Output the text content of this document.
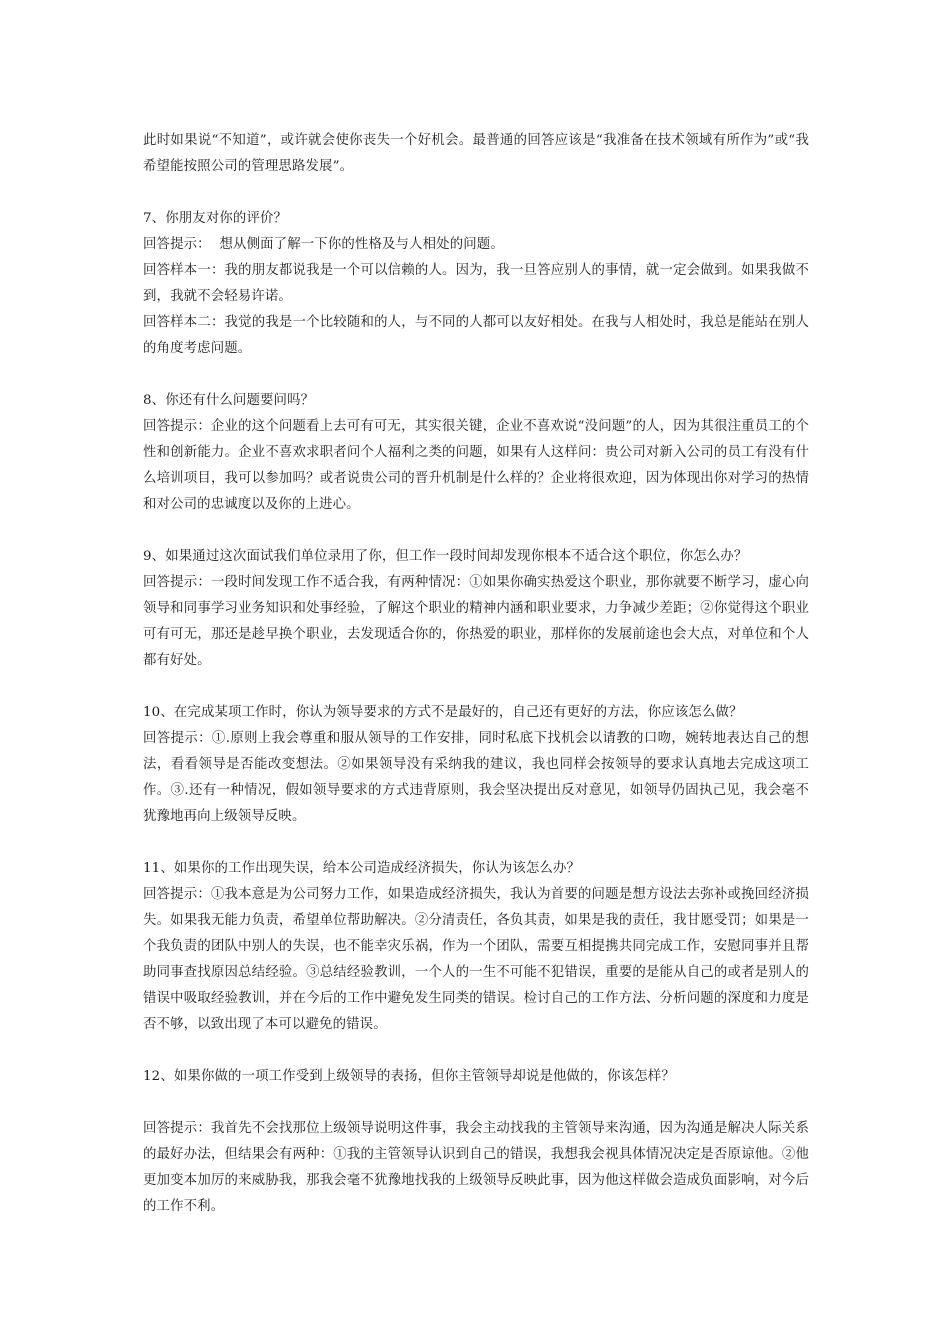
此时如果说“不知道”，或许就会使你丧失一个好机会。最普通的回答应该是“我准备在技术领域有所作为”或“我希望能按照公司的管理思路发展”。

7、你朋友对你的评价？

回答提示：  想从侧面了解一下你的性格及与人相处的问题。

回答样本一：我的朋友都说我是一个可以信赖的人。因为，我一旦答应别人的事情，就一定会做到。如果我做不到，我就不会轻易许诺。

回答样本二：我觉的我是一个比较随和的人，与不同的人都可以友好相处。在我与人相处时，我总是能站在别人的角度考虑问题。

8、你还有什么问题要问吗？

回答提示：企业的这个问题看上去可有可无，其实很关键，企业不喜欢说“没问题”的人，因为其很注重员工的个性和创新能力。企业不喜欢求职者问个人福利之类的问题，如果有人这样问：贵公司对新入公司的员工有没有什么培训项目，我可以参加吗？或者说贵公司的晋升机制是什么样的？企业将很欢迎，因为体现出你对学习的热情和对公司的忠诚度以及你的上进心。

9、如果通过这次面试我们单位录用了你，但工作一段时间却发现你根本不适合这个职位，你怎么办？

回答提示：一段时间发现工作不适合我，有两种情况：①如果你确实热爱这个职业，那你就要不断学习，虚心向领导和同事学习业务知识和处事经验，了解这个职业的精神内涵和职业要求，力争减少差距；②你觉得这个职业可有可无，那还是趁早换个职业，去发现适合你的，你热爱的职业，那样你的发展前途也会大点，对单位和个人都有好处。

10、在完成某项工作时，你认为领导要求的方式不是最好的，自己还有更好的方法，你应该怎么做？

回答提示：①.原则上我会尊重和服从领导的工作安排，同时私底下找机会以请教的口吻，婉转地表达自己的想法，看看领导是否能改变想法。②如果领导没有采纳我的建议，我也同样会按领导的要求认真地去完成这项工作。③.还有一种情况，假如领导要求的方式违背原则，我会坚决提出反对意见，如领导仍固执己见，我会毫不犹豫地再向上级领导反映。

11、如果你的工作出现失误，给本公司造成经济损失，你认为该怎么办？

回答提示：①我本意是为公司努力工作，如果造成经济损失，我认为首要的问题是想方设法去弥补或挽回经济损失。如果我无能力负责，希望单位帮助解决。②分清责任，各负其责，如果是我的责任，我甘愿受罚；如果是一个我负责的团队中别人的失误，也不能幸灾乐祸，作为一个团队，需要互相提携共同完成工作，安慰同事并且帮助同事查找原因总结经验。③总结经验教训，一个人的一生不可能不犯错误，重要的是能从自己的或者是别人的错误中吸取经验教训，并在今后的工作中避免发生同类的错误。检讨自己的工作方法、分析问题的深度和力度是否不够，以致出现了本可以避免的错误。

12、如果你做的一项工作受到上级领导的表扬，但你主管领导却说是他做的，你该怎样？

回答提示：我首先不会找那位上级领导说明这件事，我会主动找我的主管领导来沟通，因为沟通是解决人际关系的最好办法，但结果会有两种：①我的主管领导认识到自己的错误，我想我会视具体情况决定是否原谅他。②他更加变本加厉的来威胁我，那我会毫不犹豫地找我的上级领导反映此事，因为他这样做会造成负面影响，对今后的工作不利。
